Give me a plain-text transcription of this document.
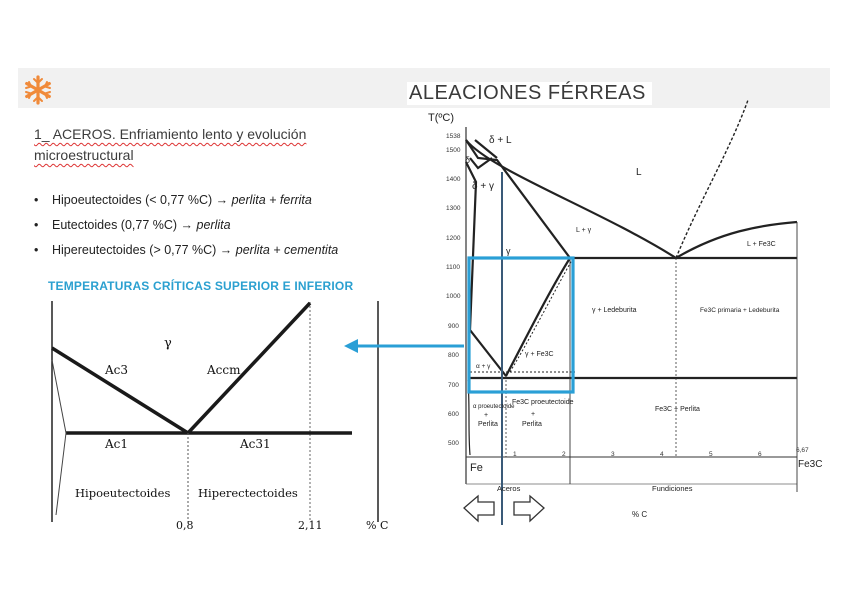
ALEACIONES FÉRREAS
1_ ACEROS. Enfriamiento lento y evolución microestructural
• Hipoeutectoides (< 0,77 %C) → perlita + ferrita
• Eutectoides (0,77 %C) → perlita
• Hipereutectoides (> 0,77 %C) → perlita + cementita
TEMPERATURAS CRÍTICAS SUPERIOR E INFERIOR
γ
Ac3	Accm
Ac1	Ac31
Hipoeutectoides Hiperectectoides
0,8	2,11	% C
T(ºC)
1538
1500
1400
1300
1200
1100
1000
900
800
700
600
500
1	2	3	4	5	6
6,67
Fe	Fe3C
δ + L
δ
δ + γ
L
L + γ
L + Fe3C
γ
γ + Ledeburita	Fe3C primaria + Ledeburita
γ + Fe3C
α + γ
α proeutectoide
+
Perlita
Fe3C proeutectoide
+
Perlita
Fe3C + Perlita
Aceros	Fundiciones
% C
